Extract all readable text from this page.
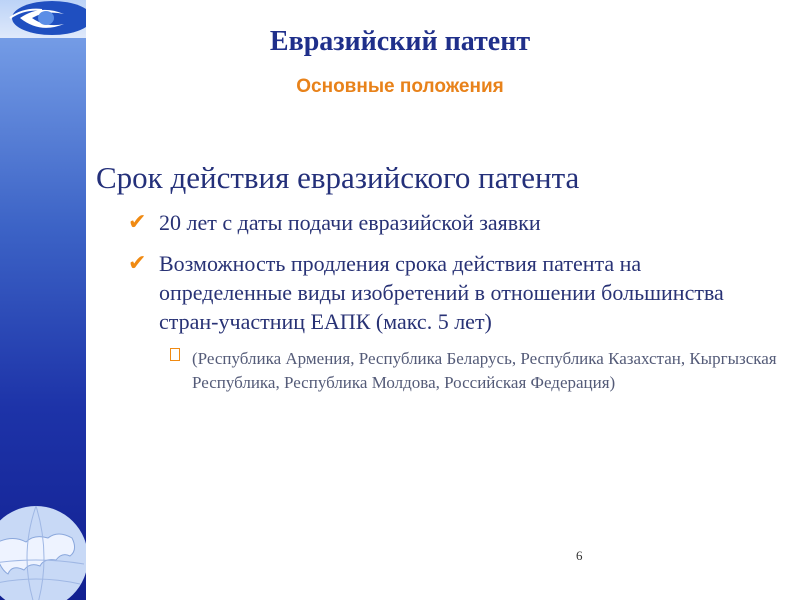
Евразийский патент
Основные положения
Срок действия евразийского патента
✔ 20 лет с даты подачи евразийской заявки
✔ Возможность продления срока действия патента на определенные виды изобретений в отношении большинства стран-участниц ЕАПК (макс. 5 лет)
(Республика Армения, Республика Беларусь, Республика Казахстан, Кыргызская Республика, Республика Молдова, Российская Федерация)
6
